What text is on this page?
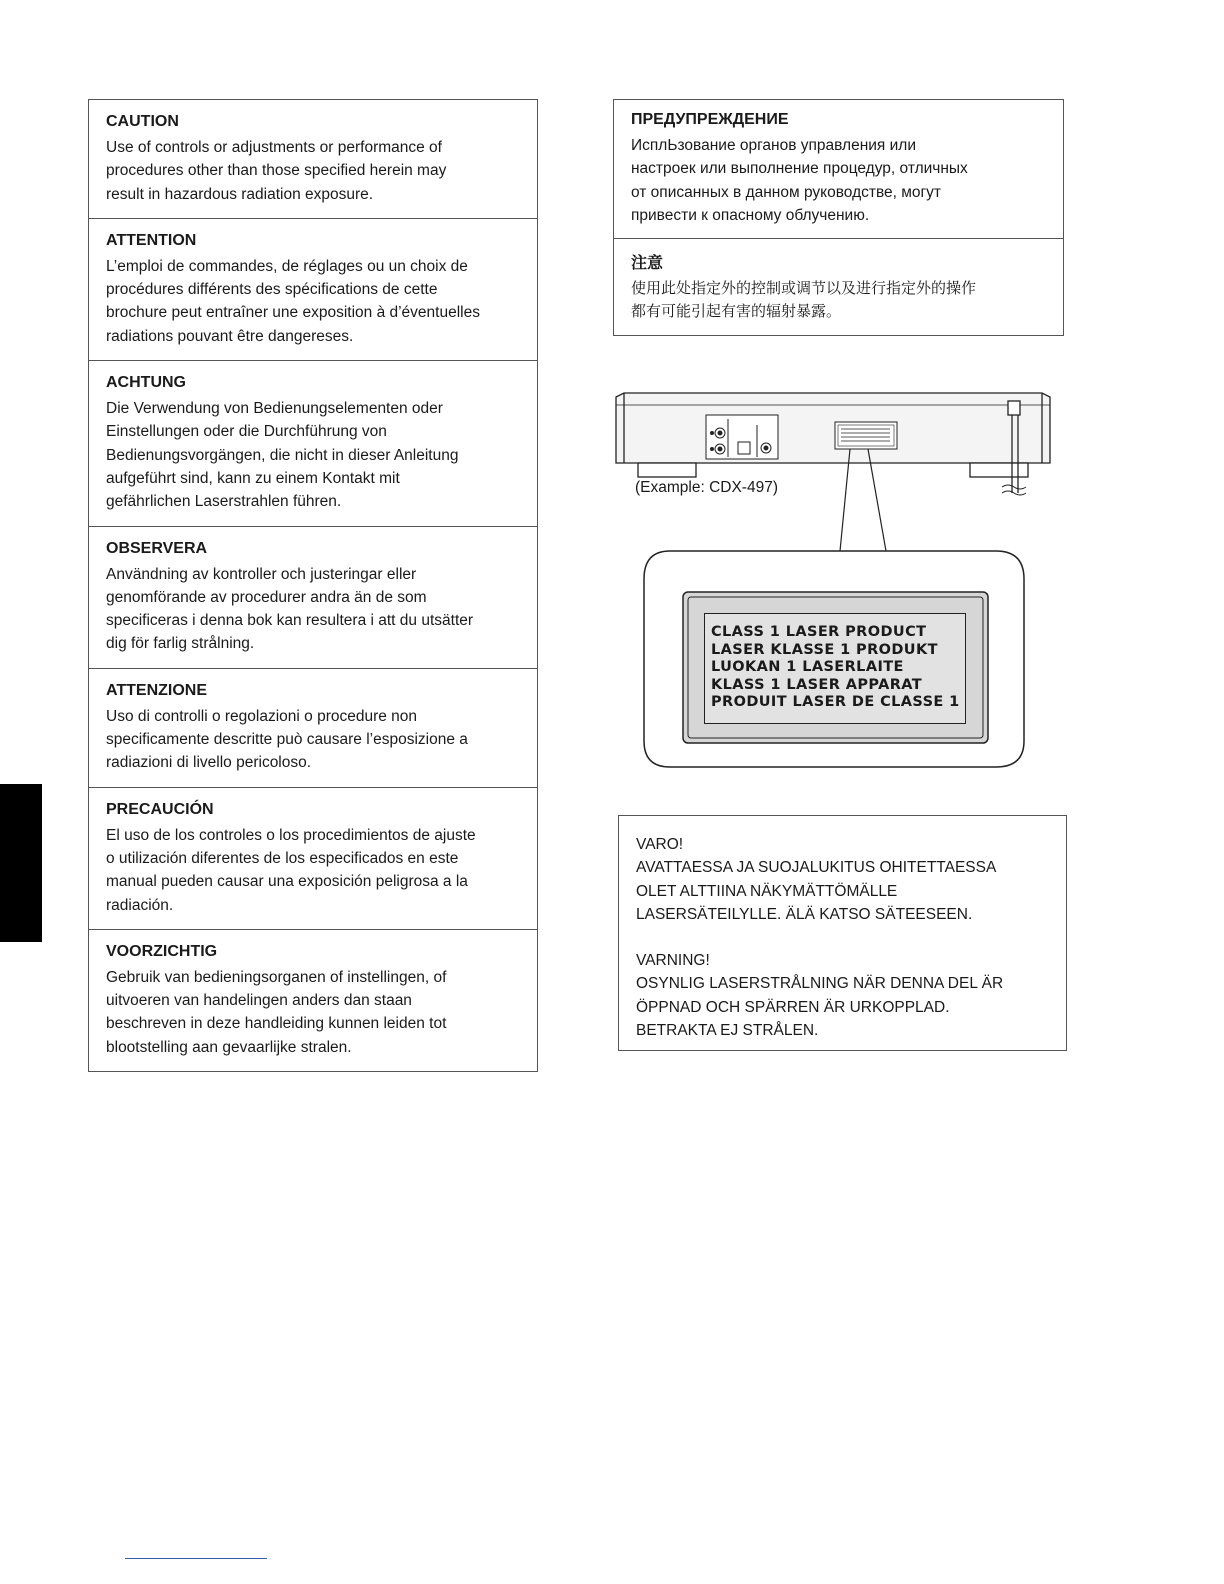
CAUTION

Use of controls or adjustments or performance of
procedures other than those specified herein may
result in hazardous radiation exposure.

ATTENTION

L’emploi de commandes, de réglages ou un choix de
procédures différents des spécifications de cette
brochure peut entraîner une exposition à d’éventuelles
radiations pouvant être dangereses.

ACHTUNG

Die Verwendung von Bedienungselementen oder
Einstellungen oder die Durchführung von
Bedienungsvorgängen, die nicht in dieser Anleitung
aufgeführt sind, kann zu einem Kontakt mit
gefährlichen Laserstrahlen führen.

OBSERVERA

Användning av kontroller och justeringar eller
genomförande av procedurer andra än de som
specificeras i denna bok kan resultera i att du utsätter
dig för farlig strålning.

ATTENZIONE

Uso di controlli o regolazioni o procedure non
specificamente descritte può causare l’esposizione a
radiazioni di livello pericoloso.

PRECAUCIÓN

El uso de los controles o los procedimientos de ajuste
o utilización diferentes de los especificados en este
manual pueden causar una exposición peligrosa a la
radiación.

VOORZICHTIG

Gebruik van bedieningsorganen of instellingen, of
uitvoeren van handelingen anders dan staan
beschreven in deze handleiding kunnen leiden tot
blootstelling aan gevaarlijke stralen.

ПРЕДУПРЕЖДЕНИЕ

ИсплЬзование органов управления или
настроек или выполнение процедур, отличных
от описанных в данном руководстве, могут
привести к опасному облучению.

注意

使用此处指定外的控制或调节以及进行指定外的操作
都有可能引起有害的辐射暴露。

(Example: CDX-497)
CLASS 1 LASER PRODUCT
LASER KLASSE 1 PRODUKT
LUOKAN 1 LASERLAITE
KLASS 1 LASER APPARAT
PRODUIT LASER DE CLASSE 1
VARO!
AVATTAESSA JA SUOJALUKITUS OHITETTAESSA
OLET ALTTIINA NÄKYMÄTTÖMÄLLE
LASERSÄTEILYLLE. ÄLÄ KATSO SÄTEESEEN.
VARNING!
OSYNLIG LASERSTRÅLNING NÄR DENNA DEL ÄR
ÖPPNAD OCH SPÄRREN ÄR URKOPPLAD.
BETRAKTA EJ STRÅLEN.
